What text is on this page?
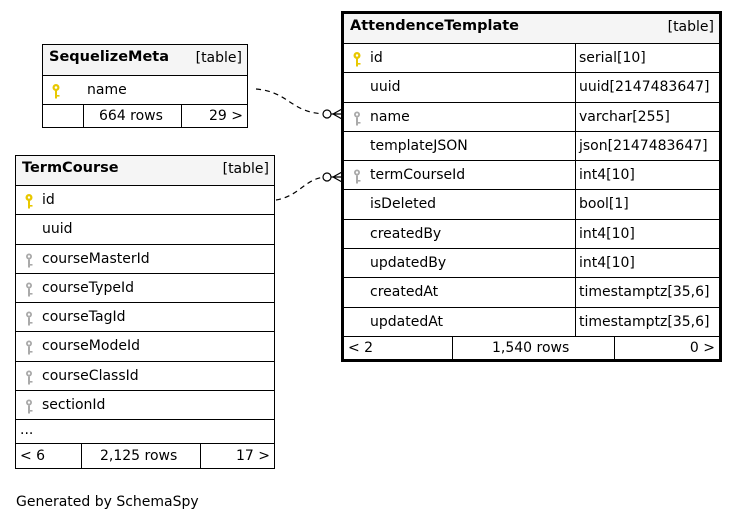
SequelizeMeta [table]
name
664 rows	29 >
TermCourse	[table]
id
uuid
courseMasterId
courseTypeId
courseTagId
courseModeId
courseClassId
sectionId
...
< 6	2,125 rows	17 >
AttendenceTemplate	[table]
id	serial[10]
uuid	uuid[2147483647]
name	varchar[255]
templateJSON	json[2147483647]
termCourseId	int4[10]
isDeleted	bool[1]
createdBy	int4[10]
updatedBy	int4[10]
createdAt	timestamptz[35,6]
updatedAt	timestamptz[35,6]
< 2	1,540 rows	0 >
Generated by SchemaSpy
